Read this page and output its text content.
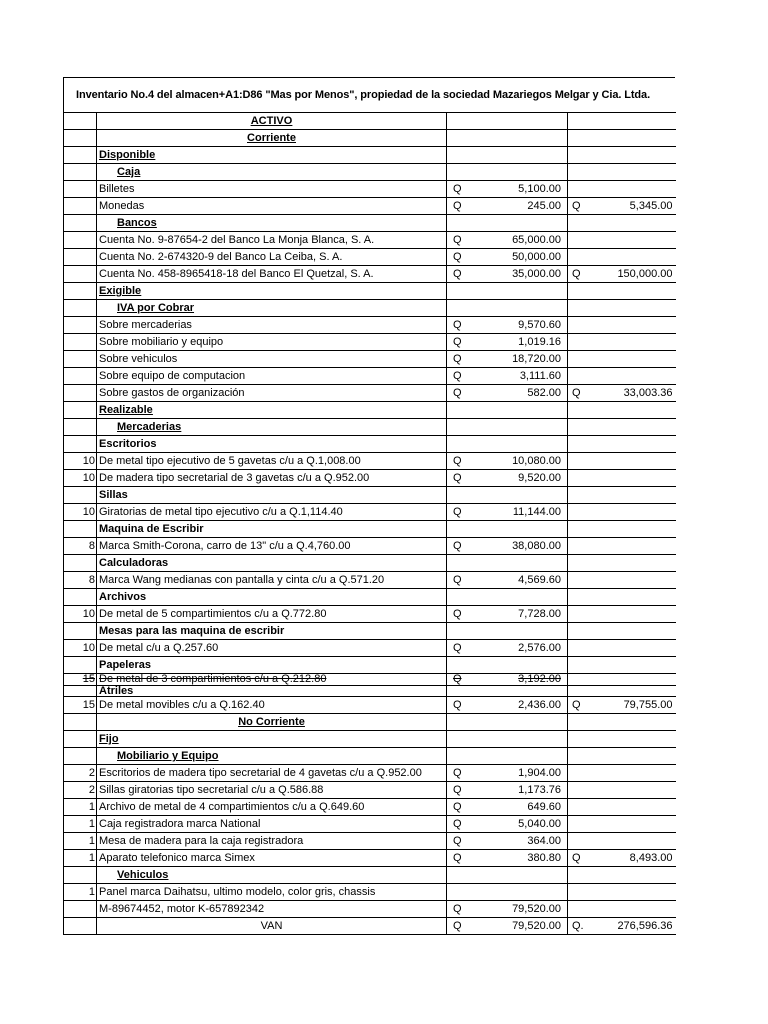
Inventario No.4 del almacen+A1:D86 "Mas por Menos", propiedad de la sociedad Mazariegos Melgar y Cia. Ltda.
	ACTIVO				
	Corriente				
	Disponible				
	Caja				
	Billetes	Q	5,100.00		
	Monedas	Q	245.00	Q	5,345.00
	Bancos				
	Cuenta No. 9-87654-2 del Banco La Monja Blanca, S. A.	Q	65,000.00		
	Cuenta No. 2-674320-9 del Banco La Ceiba, S. A.	Q	50,000.00		
	Cuenta No. 458-8965418-18 del Banco El Quetzal, S. A.	Q	35,000.00	Q	150,000.00
	Exigible				
	IVA por Cobrar				
	Sobre mercaderias	Q	9,570.60		
	Sobre mobiliario y equipo	Q	1,019.16		
	Sobre vehiculos	Q	18,720.00		
	Sobre equipo de computacion	Q	3,111.60		
	Sobre gastos de organización	Q	582.00	Q	33,003.36
	Realizable				
	Mercaderias				
	Escritorios				
10	De metal tipo ejecutivo de 5 gavetas c/u a Q.1,008.00	Q	10,080.00		
10	De madera tipo secretarial de 3 gavetas c/u a Q.952.00	Q	9,520.00		
	Sillas				
10	Giratorias de metal tipo ejecutivo c/u a Q.1,114.40	Q	11,144.00		
	Maquina de Escribir				
8	Marca Smith-Corona, carro de 13" c/u a Q.4,760.00	Q	38,080.00		
	Calculadoras				
8	Marca Wang medianas con pantalla y cinta c/u a Q.571.20	Q	4,569.60		
	Archivos				
10	De metal de 5 compartimientos c/u a Q.772.80	Q	7,728.00		
	Mesas para las maquina de escribir				
10	De metal c/u a Q.257.60	Q	2,576.00		
	Papeleras				
15	De metal de 3 compartimientos c/u a Q.212.80	Q	3,192.00		
	Atriles				
15	De metal movibles c/u a Q.162.40	Q	2,436.00	Q	79,755.00
	No Corriente				
	Fijo				
	Mobiliario y Equipo				
2	Escritorios de madera tipo secretarial de 4 gavetas c/u a Q.952.00	Q	1,904.00		
2	Sillas giratorias tipo secretarial c/u a Q.586.88	Q	1,173.76		
1	Archivo de metal de 4 compartimientos c/u a Q.649.60	Q	649.60		
1	Caja registradora marca National	Q	5,040.00		
1	Mesa de madera para la caja registradora	Q	364.00		
1	Aparato telefonico marca Simex	Q	380.80	Q	8,493.00
	Vehiculos				
1	Panel marca Daihatsu, ultimo modelo, color gris, chassis				
	M-89674452, motor K-657892342	Q	79,520.00		
	VAN	Q	79,520.00	Q.	276,596.36
